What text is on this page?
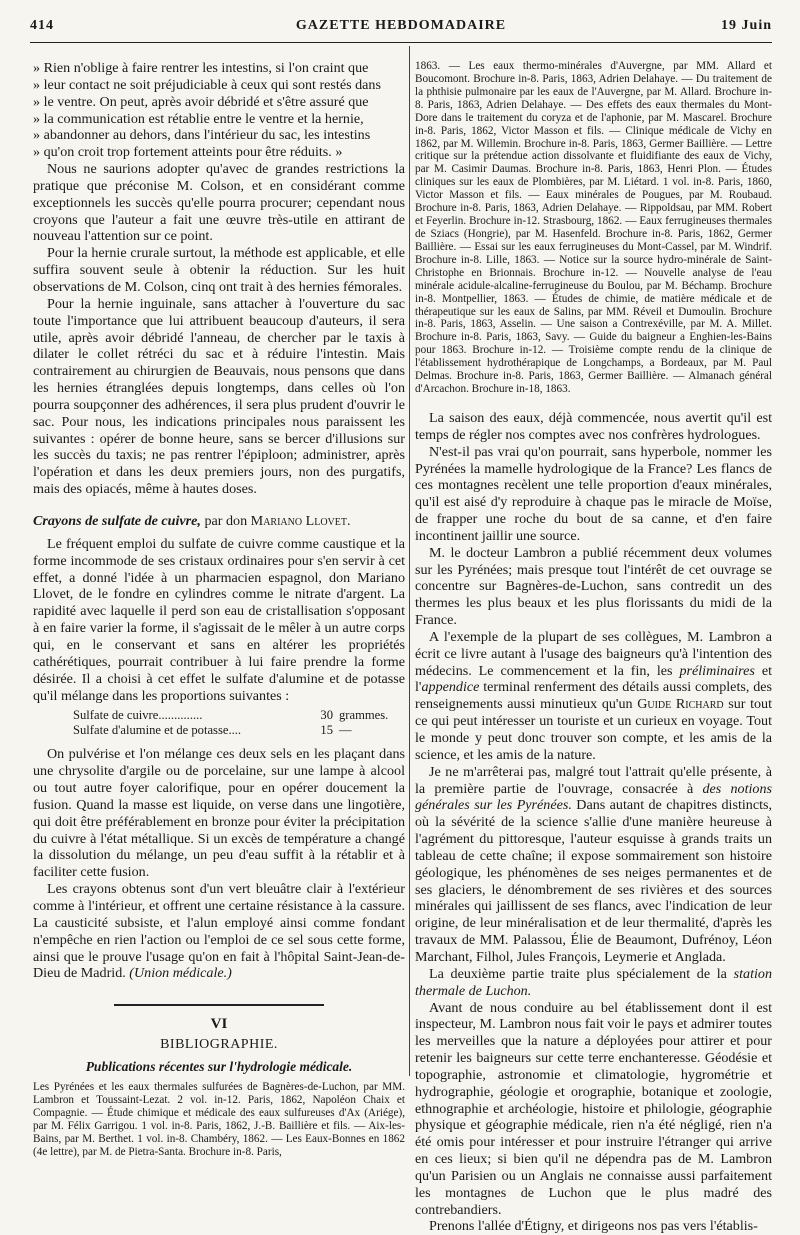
414	GAZETTE HEBDOMADAIRE	19 Juin
» Rien n'oblige à faire rentrer les intestins, si l'on craint que
» leur contact ne soit préjudiciable à ceux qui sont restés dans
» le ventre. On peut, après avoir débridé et s'être assuré que
» la communication est rétablie entre le ventre et la hernie,
» abandonner au dehors, dans l'intérieur du sac, les intestins
» qu'on croit trop fortement atteints pour être réduits. »

Nous ne saurions adopter qu'avec de grandes restrictions la pratique que préconise M. Colson, et en considérant comme exceptionnels les succès qu'elle pourra procurer; cependant nous croyons que l'auteur a fait une œuvre très-utile en attirant de nouveau l'attention sur ce point.

Pour la hernie crurale surtout, la méthode est applicable, et elle suffira souvent seule à obtenir la réduction. Sur les huit observations de M. Colson, cinq ont trait à des hernies fémorales.

Pour la hernie inguinale, sans attacher à l'ouverture du sac toute l'importance que lui attribuent beaucoup d'auteurs, il sera utile, après avoir débridé l'anneau, de chercher par le taxis à dilater le collet rétréci du sac et à réduire l'intestin. Mais contrairement au chirurgien de Beauvais, nous pensons que dans les hernies étranglées depuis longtemps, dans celles où l'on pourra soupçonner des adhérences, il sera plus prudent d'ouvrir le sac. Pour nous, les indications principales nous paraissent les suivantes : opérer de bonne heure, sans se bercer d'illusions sur les succès du taxis; ne pas rentrer l'épiploon; administrer, après l'opération et dans les deux premiers jours, non des purgatifs, mais des opiacés, même à hautes doses.

Crayons de sulfate de cuivre, par don Mariano Llovet.

Le fréquent emploi du sulfate de cuivre comme caustique et la forme incommode de ses cristaux ordinaires pour s'en servir à cet effet, a donné l'idée à un pharmacien espagnol, don Mariano Llovet, de le fondre en cylindres comme le nitrate d'argent. La rapidité avec laquelle il perd son eau de cristallisation s'opposant à en faire varier la forme, il s'agissait de le mêler à un autre corps qui, en le conservant et sans en altérer les propriétés cathérétiques, pourrait contribuer à lui faire prendre la forme désirée. Il a choisi à cet effet le sulfate d'alumine et de potasse qu'il mélange dans les proportions suivantes :

Sulfate de cuivre..............	30 grammes.
Sulfate d'alumine et de potasse....	15 —

On pulvérise et l'on mélange ces deux sels en les plaçant dans une chrysolite d'argile ou de porcelaine, sur une lampe à alcool ou tout autre foyer calorifique, pour en opérer doucement la fusion. Quand la masse est liquide, on verse dans une lingotière, qui doit être préférablement en bronze pour éviter la précipitation du cuivre à l'état métallique. Si un excès de température a changé la dissolution du mélange, un peu d'eau suffit à la rétablir et à faciliter cette fusion.

Les crayons obtenus sont d'un vert bleuâtre clair à l'extérieur comme à l'intérieur, et offrent une certaine résistance à la cassure. La causticité subsiste, et l'alun employé ainsi comme fondant n'empêche en rien l'action ou l'emploi de ce sel sous cette forme, ainsi que le prouve l'usage qu'on en fait à l'hôpital Saint-Jean-de-Dieu de Madrid. (Union médicale.)

VI
BIBLIOGRAPHIE.
Publications récentes sur l'hydrologie médicale.

Les Pyrénées et les eaux thermales sulfurées de Bagnères-de-Luchon, par MM. Lambron et Toussaint-Lezat. 2 vol. in-12. Paris, 1862, Napoléon Chaix et Compagnie. — Étude chimique et médicale des eaux sulfureuses d'Ax (Ariége), par M. Félix Garrigou. 1 vol. in-8. Paris, 1862, J.-B. Baillière et fils. — Aix-les-Bains, par M. Berthet. 1 vol. in-8. Chambéry, 1862. — Les Eaux-Bonnes en 1862 (4e lettre), par M. de Pietra-Santa. Brochure in-8. Paris,

1863. — Les eaux thermo-minérales d'Auvergne, par MM. Allard et Boucomont. Brochure in-8. Paris, 1863, Adrien Delahaye. — Du traitement de la phthisie pulmonaire par les eaux de l'Auvergne, par M. Allard. Brochure in-8. Paris, 1863, Adrien Delahaye. — Des effets des eaux thermales du Mont-Dore dans le traitement du coryza et de l'aphonie, par M. Mascarel. Brochure in-8. Paris, 1862, Victor Masson et fils. — Clinique médicale de Vichy en 1862, par M. Willemin. Brochure in-8. Paris, 1863, Germer Baillière. — Lettre critique sur la prétendue action dissolvante et fluidifiante des eaux de Vichy, par M. Casimir Daumas. Brochure in-8. Paris, 1863, Henri Plon. — Études cliniques sur les eaux de Plombières, par M. Liétard. 1 vol. in-8. Paris, 1860, Victor Masson et fils. — Eaux minérales de Pougues, par M. Roubaud. Brochure in-8. Paris, 1863, Adrien Delahaye. — Rippoldsau, par MM. Robert et Feyerlin. Brochure in-12. Strasbourg, 1862. — Eaux ferrugineuses thermales de Sziacs (Hongrie), par M. Hasenfeld. Brochure in-8. Paris, 1862, Germer Baillière. — Essai sur les eaux ferrugineuses du Mont-Cassel, par M. Windrif. Brochure in-8. Lille, 1863. — Notice sur la source hydro-minérale de Saint-Christophe en Brionnais. Brochure in-12. — Nouvelle analyse de l'eau minérale acidule-alcaline-ferrugineuse du Boulou, par M. Béchamp. Brochure in-8. Montpellier, 1863. — Études de chimie, de matière médicale et de thérapeutique sur les eaux de Salins, par MM. Réveil et Dumoulin. Brochure in-8. Paris, 1863, Asselin. — Une saison a Contrexéville, par M. A. Millet. Brochure in-8. Paris, 1863, Savy. — Guide du baigneur a Enghien-les-Bains pour 1863. Brochure in-12. — Troisième compte rendu de la clinique de l'établissement hydrothérapique de Longchamps, a Bordeaux, par M. Paul Delmas. Brochure in-8. Paris, 1863, Germer Baillière. — Almanach général d'Arcachon. Brochure in-18, 1863.

La saison des eaux, déjà commencée, nous avertit qu'il est temps de régler nos comptes avec nos confrères hydrologues.

N'est-il pas vrai qu'on pourrait, sans hyperbole, nommer les Pyrénées la mamelle hydrologique de la France? Les flancs de ces montagnes recèlent une telle proportion d'eaux minérales, qu'il est aisé d'y reproduire à chaque pas le miracle de Moïse, de frapper une roche du bout de sa canne, et d'en faire incontinent jaillir une source.

M. le docteur Lambron a publié récemment deux volumes sur les Pyrénées; mais presque tout l'intérêt de cet ouvrage se concentre sur Bagnères-de-Luchon, sans contredit un des thermes les plus beaux et les plus florissants du midi de la France.

A l'exemple de la plupart de ses collègues, M. Lambron a écrit ce livre autant à l'usage des baigneurs qu'à l'intention des médecins. Le commencement et la fin, les préliminaires et l'appendice terminal renferment des détails aussi complets, des renseignements aussi minutieux qu'un Guide Richard sur tout ce qui peut intéresser un touriste et un curieux en voyage. Tout le monde y peut donc trouver son compte, et les amis de la science, et les amis de la nature.

Je ne m'arrêterai pas, malgré tout l'attrait qu'elle présente, à la première partie de l'ouvrage, consacrée à des notions générales sur les Pyrénées. Dans autant de chapitres distincts, où la sévérité de la science s'allie d'une manière heureuse à l'agrément du pittoresque, l'auteur esquisse à grands traits un tableau de cette chaîne; il expose sommairement son histoire géologique, les phénomènes de ses neiges permanentes et de ses glaciers, le dénombrement de ses rivières et des sources minérales qui jaillissent de ses flancs, avec l'indication de leur origine, de leur minéralisation et de leur thermalité, d'après les travaux de MM. Palassou, Élie de Beaumont, Dufrénoy, Léon Marchant, Filhol, Jules François, Leymerie et Anglada.

La deuxième partie traite plus spécialement de la station thermale de Luchon.

Avant de nous conduire au bel établissement dont il est inspecteur, M. Lambron nous fait voir le pays et admirer toutes les merveilles que la nature a déployées pour attirer et pour retenir les baigneurs sur cette terre enchanteresse. Géodésie et topographie, astronomie et climatologie, hygrométrie et hydrographie, géologie et orographie, botanique et zoologie, ethnographie et archéologie, histoire et philologie, géographie physique et géographie médicale, rien n'a été négligé, rien n'a été omis pour intéresser et pour instruire l'étranger qui arrive en ces lieux; si bien qu'il ne dépendra pas de M. Lambron qu'un Parisien ou un Anglais ne connaisse aussi parfaitement les montagnes de Luchon que le plus madré des contrebandiers.

Prenons l'allée d'Étigny, et dirigeons nos pas vers l'établis-
